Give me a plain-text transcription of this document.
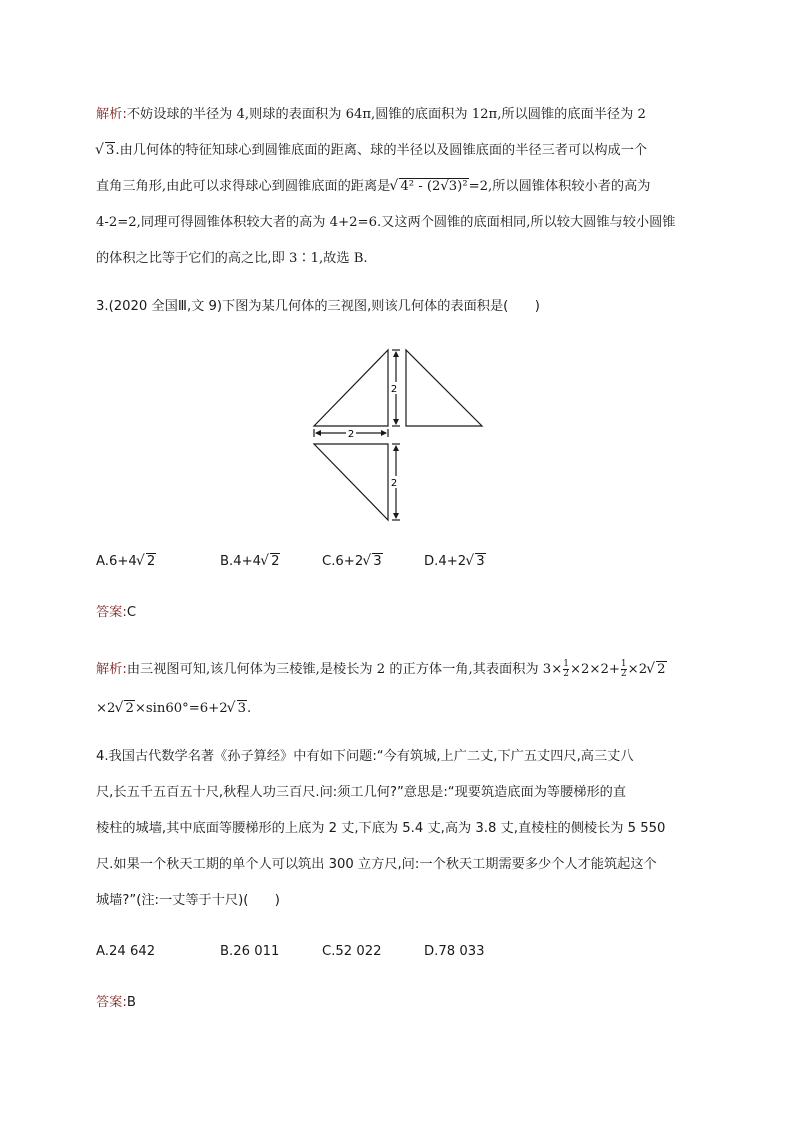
解析:不妨设球的半径为 4,则球的表面积为 64π,圆锥的底面积为 12π,所以圆锥的底面半径为 2
√ 3.由几何体的特征知球心到圆锥底面的距离、球的半径以及圆锥底面的半径三者可以构成一个
直角三角形,由此可以求得球心到圆锥底面的距离是√ 4² - (2√3)²=2,所以圆锥体积较小者的高为
4-2=2,同理可得圆锥体积较大者的高为 4+2=6.又这两个圆锥的底面相同,所以较大圆锥与较小圆锥
的体积之比等于它们的高之比,即 3∶1,故选 B.
3.(2020 全国Ⅲ,文 9)下图为某几何体的三视图,则该几何体的表面积是(　　)
2
2
2
A.6+4√ 2	B.4+4√ 2	C.6+2√ 3	D.4+2√ 3
答案:C
解析:由三视图可知,该几何体为三棱锥,是棱长为 2 的正方体一角,其表面积为 $3\times \frac{1}{2} \times 2\times 2+ \frac{1}{2} \times 2√$ 2
×2√ 2×sin60°=6+2√ 3.
4.我国古代数学名著《孙子算经》中有如下问题:“今有筑城,上广二丈,下广五丈四尺,高三丈八
尺,长五千五百五十尺,秋程人功三百尺.问:须工几何?”意思是:“现要筑造底面为等腰梯形的直
棱柱的城墙,其中底面等腰梯形的上底为 2 丈,下底为 5.4 丈,高为 3.8 丈,直棱柱的侧棱长为 5 550
尺.如果一个秋天工期的单个人可以筑出 300 立方尺,问:一个秋天工期需要多少个人才能筑起这个
城墙?”(注:一丈等于十尺)(　　)
A.24 642	B.26 011	C.52 022	D.78 033
答案:B
